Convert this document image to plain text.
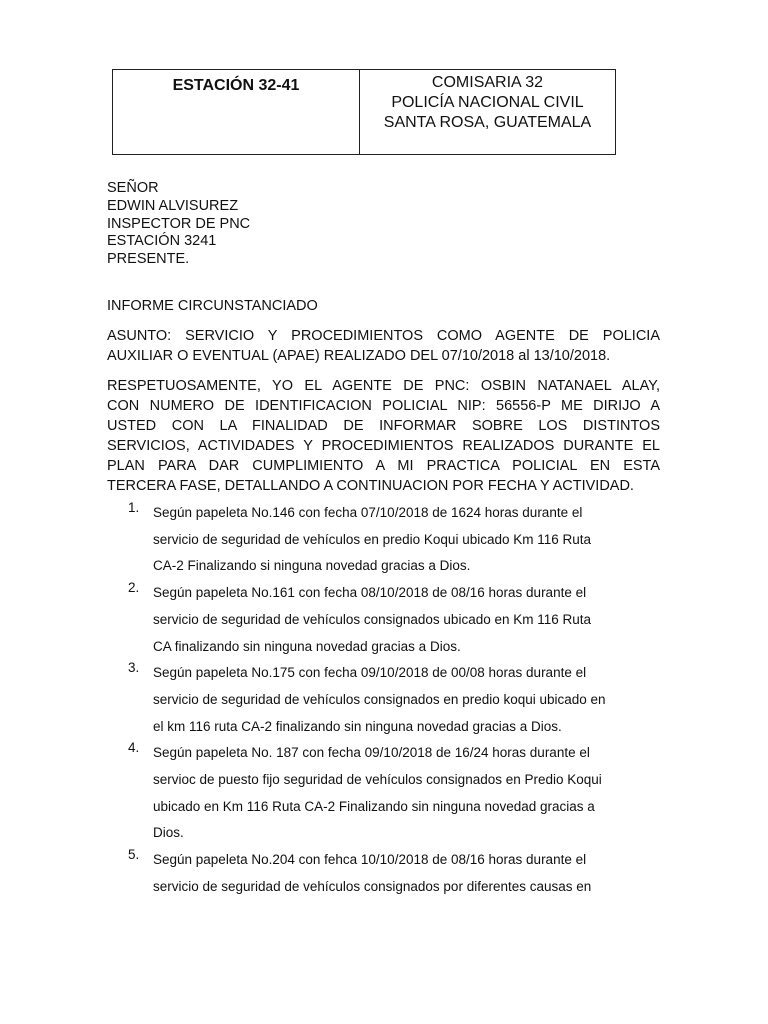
ESTACIÓN 32-41	COMISARIA 32
POLICÍA NACIONAL CIVIL
SANTA ROSA, GUATEMALA
SEÑOR
EDWIN ALVISUREZ
INSPECTOR DE PNC
ESTACIÓN 3241
PRESENTE.
INFORME CIRCUNSTANCIADO
ASUNTO: SERVICIO Y PROCEDIMIENTOS COMO AGENTE DE POLICIA
AUXILIAR O EVENTUAL (APAE) REALIZADO DEL 07/10/2018 al 13/10/2018.
RESPETUOSAMENTE, YO EL AGENTE DE PNC: OSBIN NATANAEL ALAY,
CON NUMERO DE IDENTIFICACION POLICIAL NIP: 56556-P ME DIRIJO A
USTED CON LA FINALIDAD DE INFORMAR SOBRE LOS DISTINTOS
SERVICIOS, ACTIVIDADES Y PROCEDIMIENTOS REALIZADOS DURANTE EL
PLAN PARA DAR CUMPLIMIENTO A MI PRACTICA POLICIAL EN ESTA
TERCERA FASE, DETALLANDO A CONTINUACION POR FECHA Y ACTIVIDAD.
1.	Según papeleta No.146 con fecha 07/10/2018 de 1624 horas durante el
servicio de seguridad de vehículos en predio Koqui ubicado Km 116 Ruta
CA-2 Finalizando si ninguna novedad gracias a Dios.
2.	Según papeleta No.161 con fecha 08/10/2018 de 08/16 horas durante el
servicio de seguridad de vehículos consignados ubicado en Km 116 Ruta
CA finalizando sin ninguna novedad gracias a Dios.
3.	Según papeleta No.175 con fecha 09/10/2018 de 00/08 horas durante el
servicio de seguridad de vehículos consignados en predio koqui ubicado en
el km 116 ruta CA-2 finalizando sin ninguna novedad gracias a Dios.
4.	Según papeleta No. 187 con fecha 09/10/2018 de 16/24 horas durante el
servioc de puesto fijo seguridad de vehículos consignados en Predio Koqui
ubicado en Km 116 Ruta CA-2 Finalizando sin ninguna novedad gracias a
Dios.
5.	Según papeleta No.204 con fehca 10/10/2018 de 08/16 horas durante el
servicio de seguridad de vehículos consignados por diferentes causas en
